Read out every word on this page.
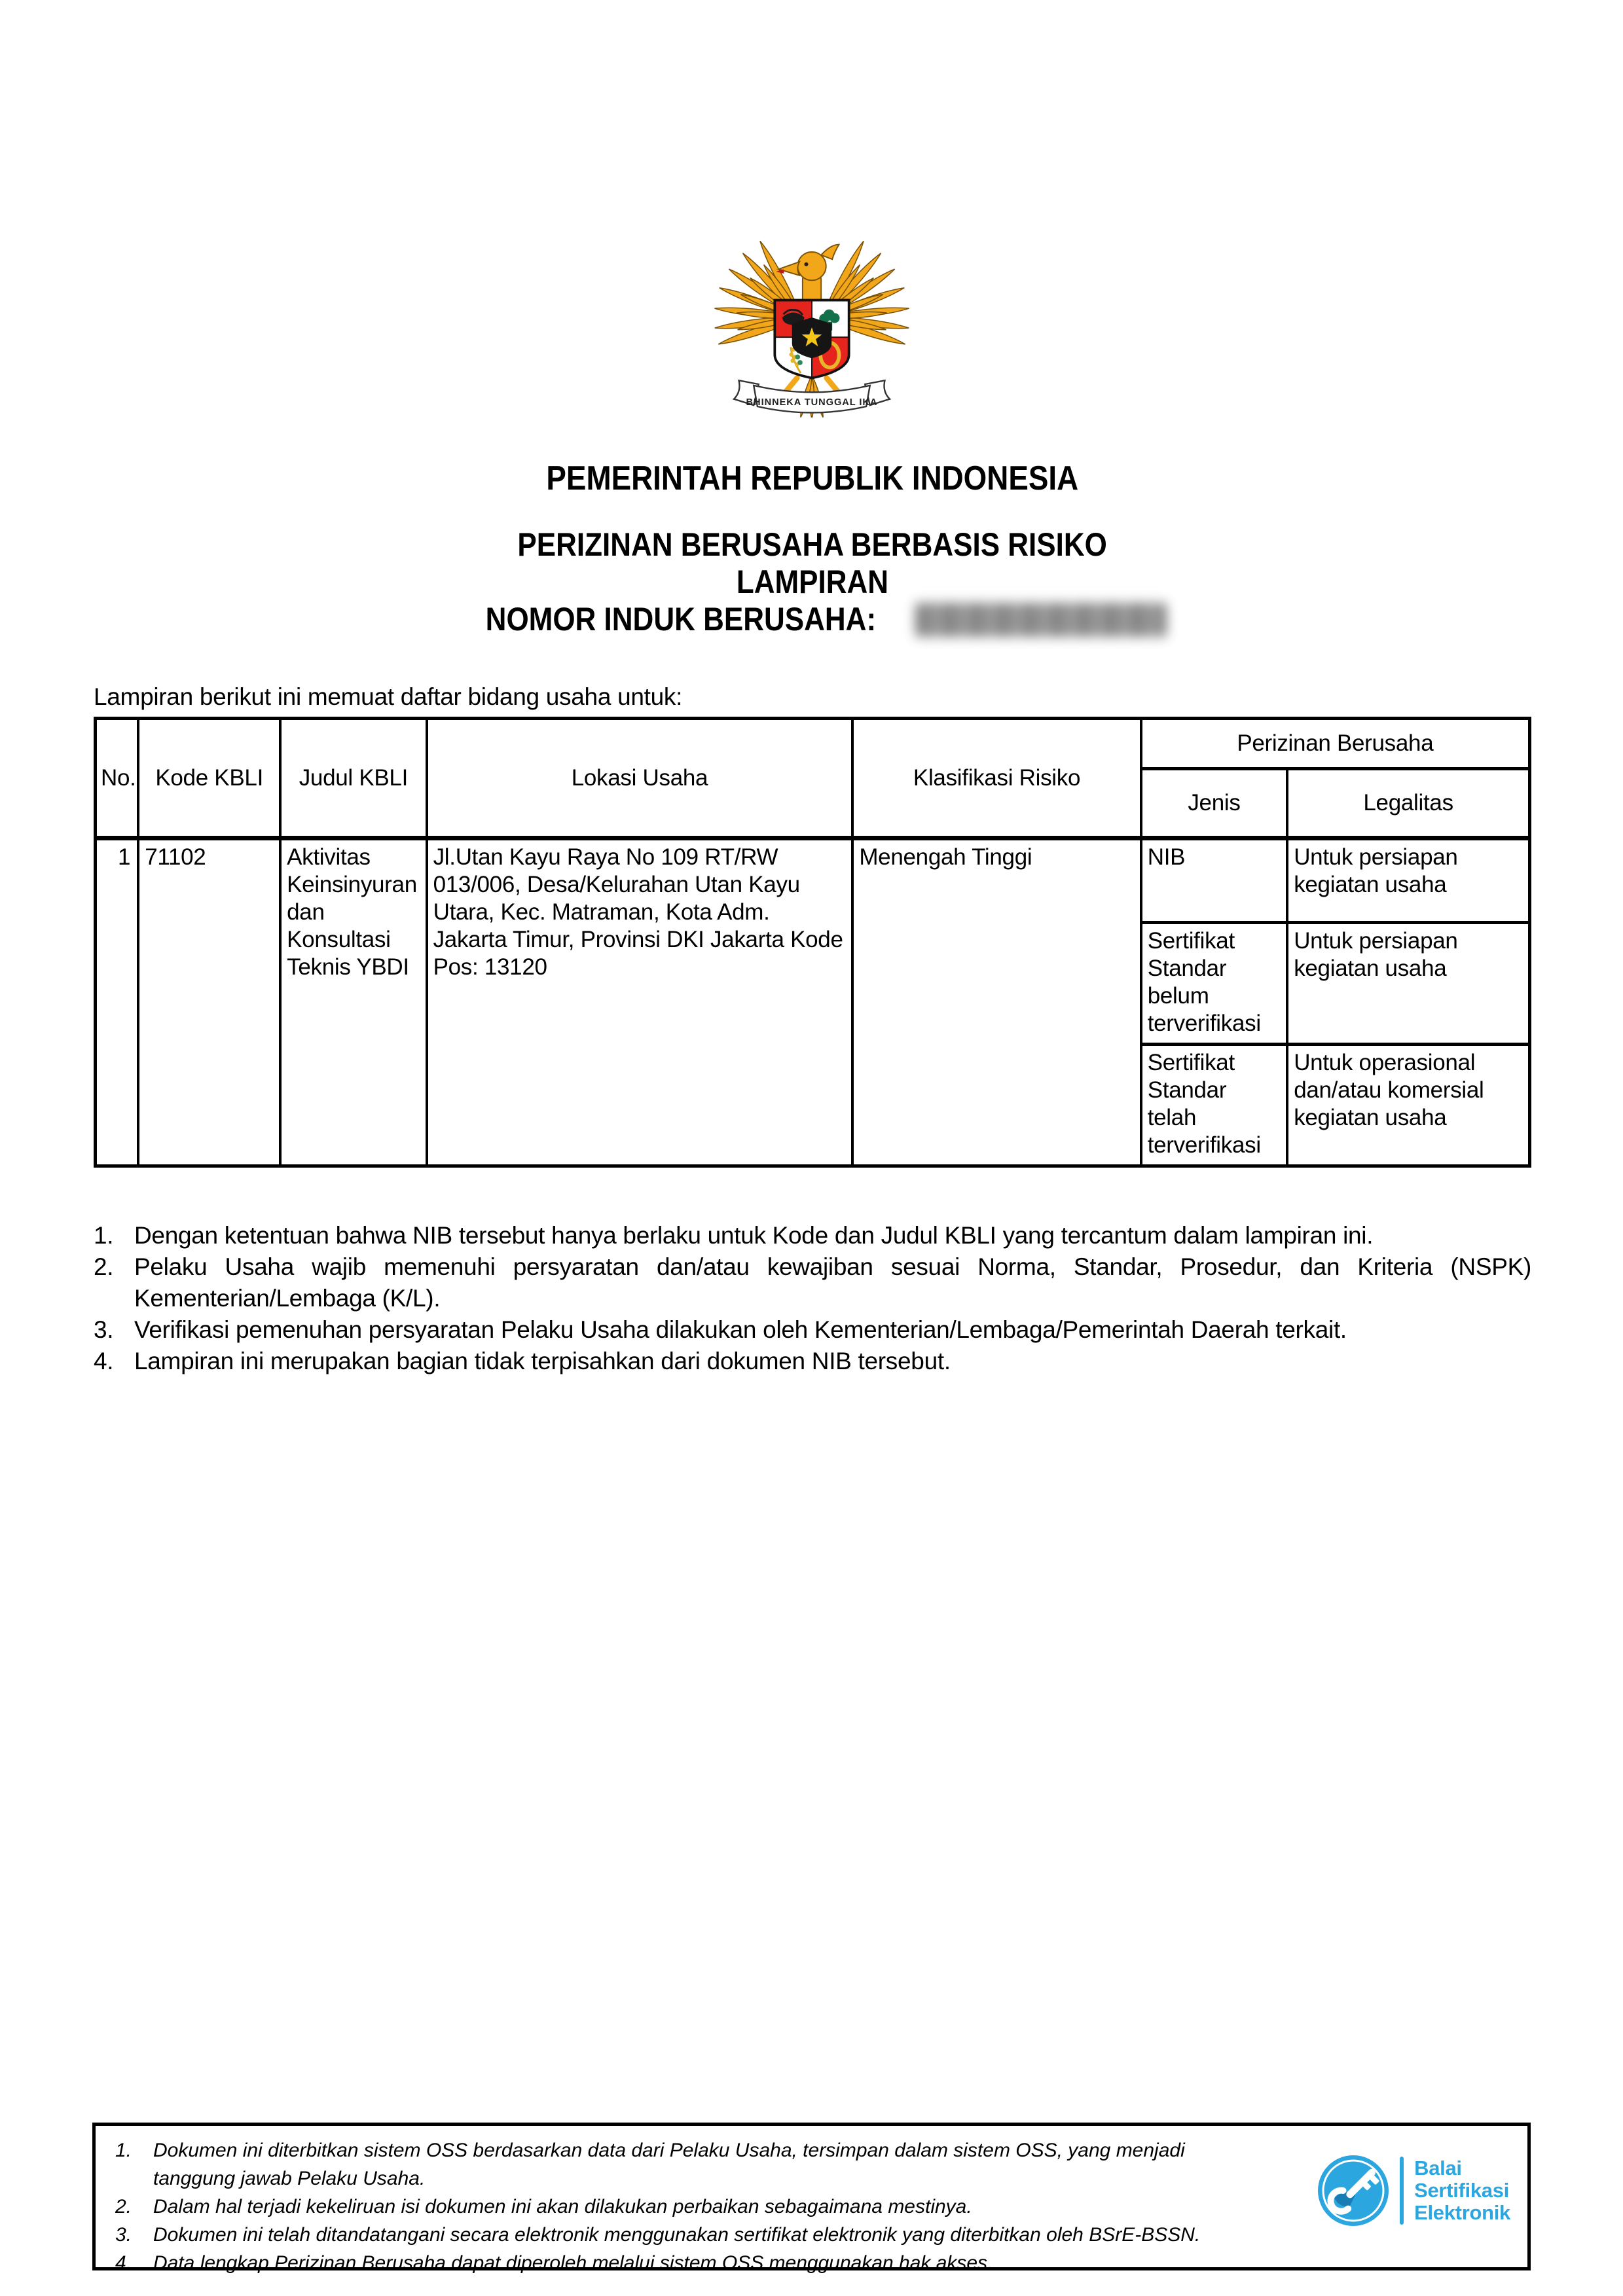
BHINNEKA TUNGGAL IKA
PEMERINTAH REPUBLIK INDONESIA
PERIZINAN BERUSAHA BERBASIS RISIKO
LAMPIRAN
NOMOR INDUK BERUSAHA:
Lampiran berikut ini memuat daftar bidang usaha untuk:
No.	Kode KBLI	Judul KBLI	Lokasi Usaha	Klasifikasi Risiko	Perizinan Berusaha	
					Jenis	Legalitas
1	71102	Aktivitas Keinsinyuran dan Konsultasi Teknis YBDI	Jl.Utan Kayu Raya No 109 RT/RW 013/006, Desa/Kelurahan Utan Kayu Utara, Kec. Matraman, Kota Adm. Jakarta Timur, Provinsi DKI Jakarta Kode Pos: 13120	Menengah Tinggi	NIB	Untuk persiapan kegiatan usaha
					Sertifikat Standar belum terverifikasi	Untuk persiapan kegiatan usaha
					Sertifikat Standar telah terverifikasi	Untuk operasional dan/atau komersial kegiatan usaha
1. Dengan ketentuan bahwa NIB tersebut hanya berlaku untuk Kode dan Judul KBLI yang tercantum dalam lampiran ini.
2. Pelaku Usaha wajib memenuhi persyaratan dan/atau kewajiban sesuai Norma, Standar, Prosedur, dan Kriteria (NSPK) Kementerian/Lembaga (K/L).
3. Verifikasi pemenuhan persyaratan Pelaku Usaha dilakukan oleh Kementerian/Lembaga/Pemerintah Daerah terkait.
4. Lampiran ini merupakan bagian tidak terpisahkan dari dokumen NIB tersebut.
1.	Dokumen ini diterbitkan sistem OSS berdasarkan data dari Pelaku Usaha, tersimpan dalam sistem OSS, yang menjadi tanggung jawab Pelaku Usaha.
2.	Dalam hal terjadi kekeliruan isi dokumen ini akan dilakukan perbaikan sebagaimana mestinya.
3.	Dokumen ini telah ditandatangani secara elektronik menggunakan sertifikat elektronik yang diterbitkan oleh BSrE-BSSN.
4.	Data lengkap Perizinan Berusaha dapat diperoleh melalui sistem OSS menggunakan hak akses.
Balai
Sertifikasi
Elektronik
